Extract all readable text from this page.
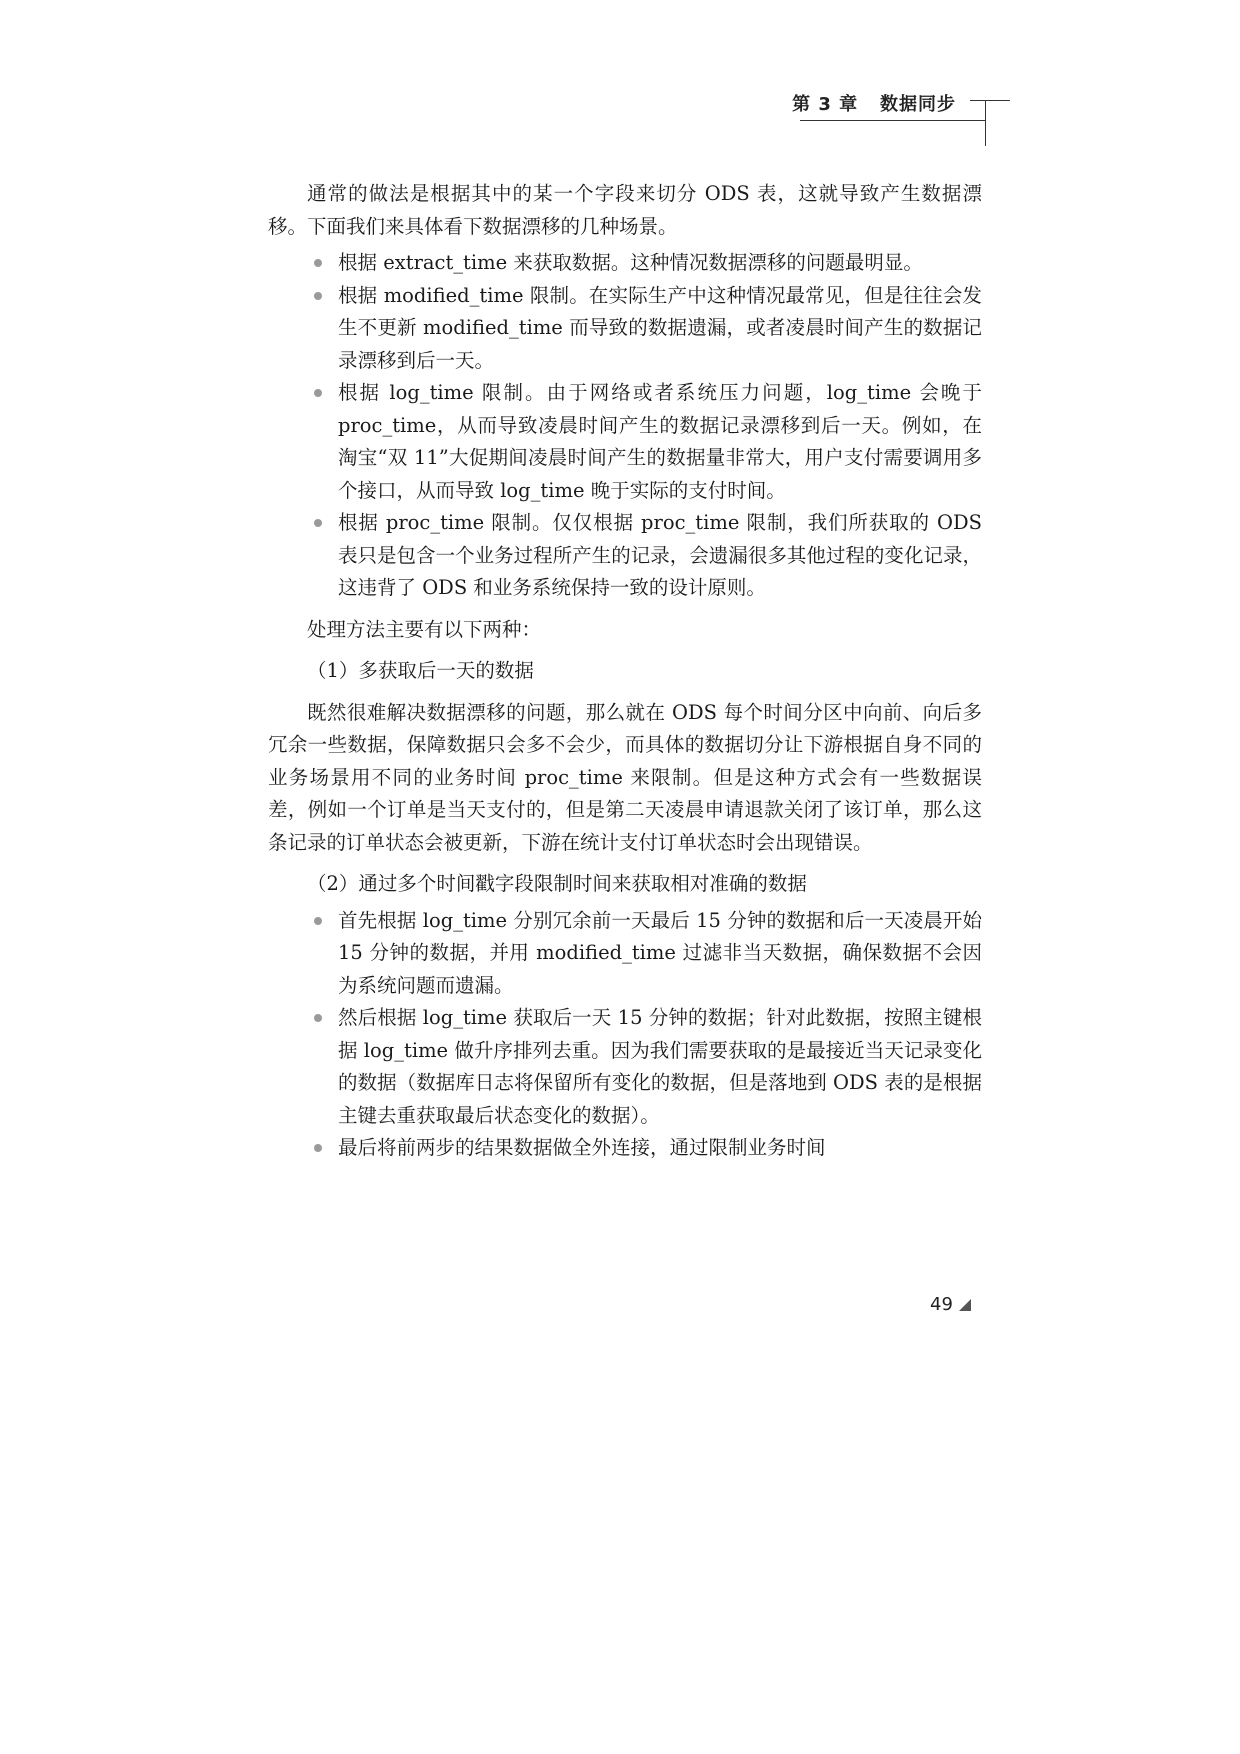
第 3 章 数据同步

通常的做法是根据其中的某一个字段来切分 ODS 表，这就导致产生数据漂移。下面我们来具体看下数据漂移的几种场景。

根据 extract_time 来获取数据。这种情况数据漂移的问题最明显。
根据 modified_time 限制。在实际生产中这种情况最常见，但是往往会发生不更新 modified_time 而导致的数据遗漏，或者凌晨时间产生的数据记录漂移到后一天。
根据 log_time 限制。由于网络或者系统压力问题，log_time 会晚于 proc_time，从而导致凌晨时间产生的数据记录漂移到后一天。例如，在淘宝“双 11”大促期间凌晨时间产生的数据量非常大，用户支付需要调用多个接口，从而导致 log_time 晚于实际的支付时间。
根据 proc_time 限制。仅仅根据 proc_time 限制，我们所获取的 ODS 表只是包含一个业务过程所产生的记录，会遗漏很多其他过程的变化记录，这违背了 ODS 和业务系统保持一致的设计原则。

处理方法主要有以下两种：

（1）多获取后一天的数据

既然很难解决数据漂移的问题，那么就在 ODS 每个时间分区中向前、向后多冗余一些数据，保障数据只会多不会少，而具体的数据切分让下游根据自身不同的业务场景用不同的业务时间 proc_time 来限制。但是这种方式会有一些数据误差，例如一个订单是当天支付的，但是第二天凌晨申请退款关闭了该订单，那么这条记录的订单状态会被更新，下游在统计支付订单状态时会出现错误。

（2）通过多个时间戳字段限制时间来获取相对准确的数据

首先根据 log_time 分别冗余前一天最后 15 分钟的数据和后一天凌晨开始 15 分钟的数据，并用 modified_time 过滤非当天数据，确保数据不会因为系统问题而遗漏。
然后根据 log_time 获取后一天 15 分钟的数据；针对此数据，按照主键根据 log_time 做升序排列去重。因为我们需要获取的是最接近当天记录变化的数据（数据库日志将保留所有变化的数据，但是落地到 ODS 表的是根据主键去重获取最后状态变化的数据）。
最后将前两步的结果数据做全外连接，通过限制业务时间
49
